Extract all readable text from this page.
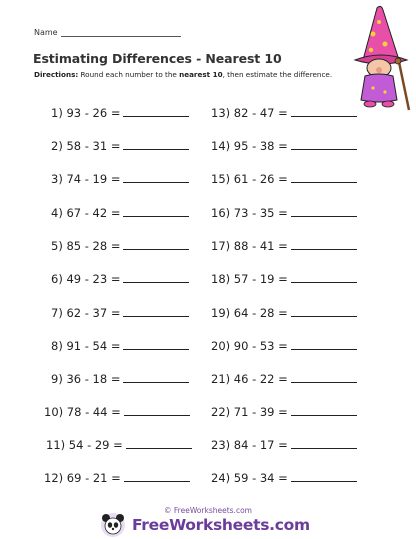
Name
Estimating Differences - Nearest 10
Directions: Round each number to the nearest 10, then estimate the difference.
1) 93 - 26 =
2) 58 - 31 =
3) 74 - 19 =
4) 67 - 42 =
5) 85 - 28 =
6) 49 - 23 =
7) 62 - 37 =
8) 91 - 54 =
9) 36 - 18 =
10) 78 - 44 =
11) 54 - 29 =
12) 69 - 21 =
13) 82 - 47 =
14) 95 - 38 =
15) 61 - 26 =
16) 73 - 35 =
17) 88 - 41 =
18) 57 - 19 =
19) 64 - 28 =
20) 90 - 53 =
21) 46 - 22 =
22) 71 - 39 =
23) 84 - 17 =
24) 59 - 34 =
© FreeWorksheets.com
FreeWorksheets.com
